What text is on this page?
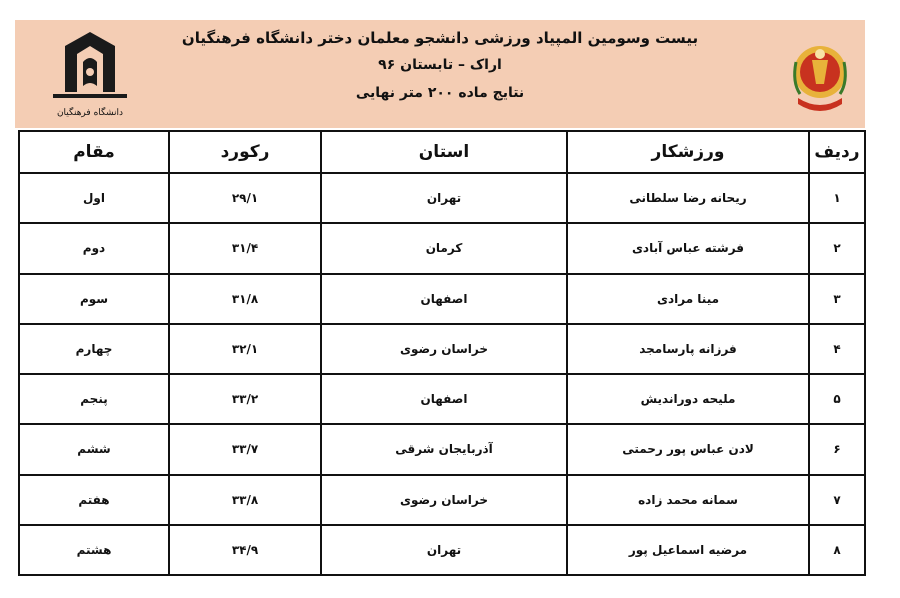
دانشگاه فرهنگیان
بیست وسومین المپیاد ورزشی دانشجو معلمان دختر دانشگاه فرهنگیان
اراک – تابستان ۹۶
نتایج ماده ۲۰۰ متر نهایی
ردیف	ورزشکار	استان	رکورد	مقام
۱	ریحانه رضا سلطانی	تهران	۲۹/۱	اول
۲	فرشته عباس آبادی	کرمان	۳۱/۴	دوم
۳	مینا مرادی	اصفهان	۳۱/۸	سوم
۴	فرزانه پارسامجد	خراسان رضوی	۳۲/۱	چهارم
۵	ملیحه دوراندیش	اصفهان	۳۳/۲	پنجم
۶	لادن عباس پور رحمتی	آذربایجان شرقی	۳۳/۷	ششم
۷	سمانه محمد زاده	خراسان رضوی	۳۳/۸	هفتم
۸	مرضیه اسماعیل پور	تهران	۳۴/۹	هشتم
